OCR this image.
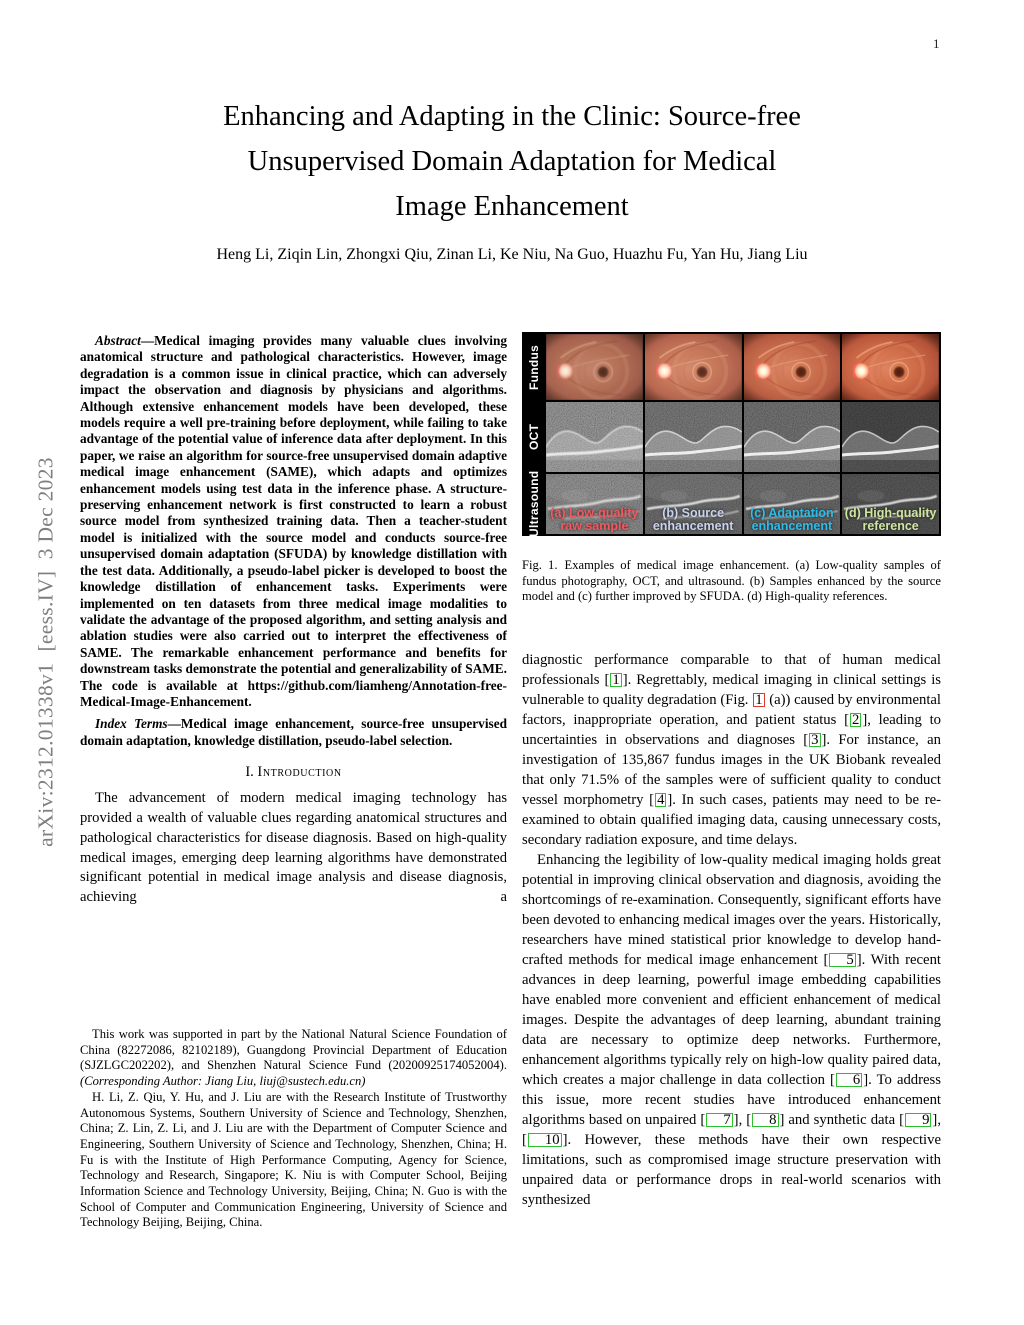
1
arXiv:2312.01338v1  [eess.IV]  3 Dec 2023
Enhancing and Adapting in the Clinic: Source-free
Unsupervised Domain Adaptation for Medical
Image Enhancement
Heng Li, Ziqin Lin, Zhongxi Qiu, Zinan Li, Ke Niu, Na Guo, Huazhu Fu, Yan Hu, Jiang Liu

Abstract—Medical imaging provides many valuable clues involving anatomical structure and pathological characteristics. However, image degradation is a common issue in clinical practice, which can adversely impact the observation and diagnosis by physicians and algorithms. Although extensive enhancement models have been developed, these models require a well pre-training before deployment, while failing to take advantage of the potential value of inference data after deployment. In this paper, we raise an algorithm for source-free unsupervised domain adaptive medical image enhancement (SAME), which adapts and optimizes enhancement models using test data in the inference phase. A structure-preserving enhancement network is first constructed to learn a robust source model from synthesized training data. Then a teacher-student model is initialized with the source model and conducts source-free unsupervised domain adaptation (SFUDA) by knowledge distillation with the test data. Additionally, a pseudo-label picker is developed to boost the knowledge distillation of enhancement tasks. Experiments were implemented on ten datasets from three medical image modalities to validate the advantage of the proposed algorithm, and setting analysis and ablation studies were also carried out to interpret the effectiveness of SAME. The remarkable enhancement performance and benefits for downstream tasks demonstrate the potential and generalizability of SAME. The code is available at https://github.com/liamheng/Annotation-free-Medical-Image-Enhancement.

Index Terms—Medical image enhancement, source-free unsupervised domain adaptation, knowledge distillation, pseudo-label selection.

I. Introduction

The advancement of modern medical imaging technology has provided a wealth of valuable clues regarding anatomical structures and pathological characteristics for disease diagnosis. Based on high-quality medical images, emerging deep learning algorithms have demonstrated significant potential in medical image analysis and disease diagnosis, achieving a

This work was supported in part by the National Natural Science Foundation of China (82272086, 82102189), Guangdong Provincial Department of Education (SJZLGC202202), and Shenzhen Natural Science Fund (20200925174052004). (Corresponding Author: Jiang Liu, liuj@sustech.edu.cn)

H. Li, Z. Qiu, Y. Hu, and J. Liu are with the Research Institute of Trustworthy Autonomous Systems, Southern University of Science and Technology, Shenzhen, China; Z. Lin, Z. Li, and J. Liu are with the Department of Computer Science and Engineering, Southern University of Science and Technology, Shenzhen, China; H. Fu is with the Institute of High Performance Computing, Agency for Science, Technology and Research, Singapore; K. Niu is with Computer School, Beijing Information Science and Technology University, Beijing, China; N. Guo is with the School of Computer and Communication Engineering, University of Science and Technology Beijing, Beijing, China.

Fundus
OCT
Ultrasound (a) Low-quality
raw sample
(b) Source
enhancement
(c) Adaptation
enhancement
(d) High-quality
reference

Fig. 1. Examples of medical image enhancement. (a) Low-quality samples of fundus photography, OCT, and ultrasound. (b) Samples enhanced by the source model and (c) further improved by SFUDA. (d) High-quality references.

diagnostic performance comparable to that of human medical professionals [ 1 ]. Regrettably, medical imaging in clinical settings is vulnerable to quality degradation (Fig. 1 (a)) caused by environmental factors, inappropriate operation, and patient status [ 2 ], leading to uncertainties in observations and diagnoses [ 3 ]. For instance, an investigation of 135,867 fundus images in the UK Biobank revealed that only 71.5% of the samples were of sufficient quality to conduct vessel morphometry [ 4 ]. In such cases, patients may need to be re-examined to obtain qualified imaging data, causing unnecessary costs, secondary radiation exposure, and time delays.

Enhancing the legibility of low-quality medical imaging holds great potential in improving clinical observation and diagnosis, avoiding the shortcomings of re-examination. Consequently, significant efforts have been devoted to enhancing medical images over the years. Historically, researchers have mined statistical prior knowledge to develop hand-crafted methods for medical image enhancement [ 5 ]. With recent advances in deep learning, powerful image embedding capabilities have enabled more convenient and efficient enhancement of medical images. Despite the advantages of deep learning, abundant training data are necessary to optimize deep networks. Furthermore, enhancement algorithms typically rely on high-low quality paired data, which creates a major challenge in data collection [ 6 ]. To address this issue, more recent studies have introduced enhancement algorithms based on unpaired [ 7 ], [ 8 ] and synthetic data [ 9 ], [ 10 ]. However, these methods have their own respective limitations, such as compromised image structure preservation with unpaired data or performance drops in real-world scenarios with synthesized
